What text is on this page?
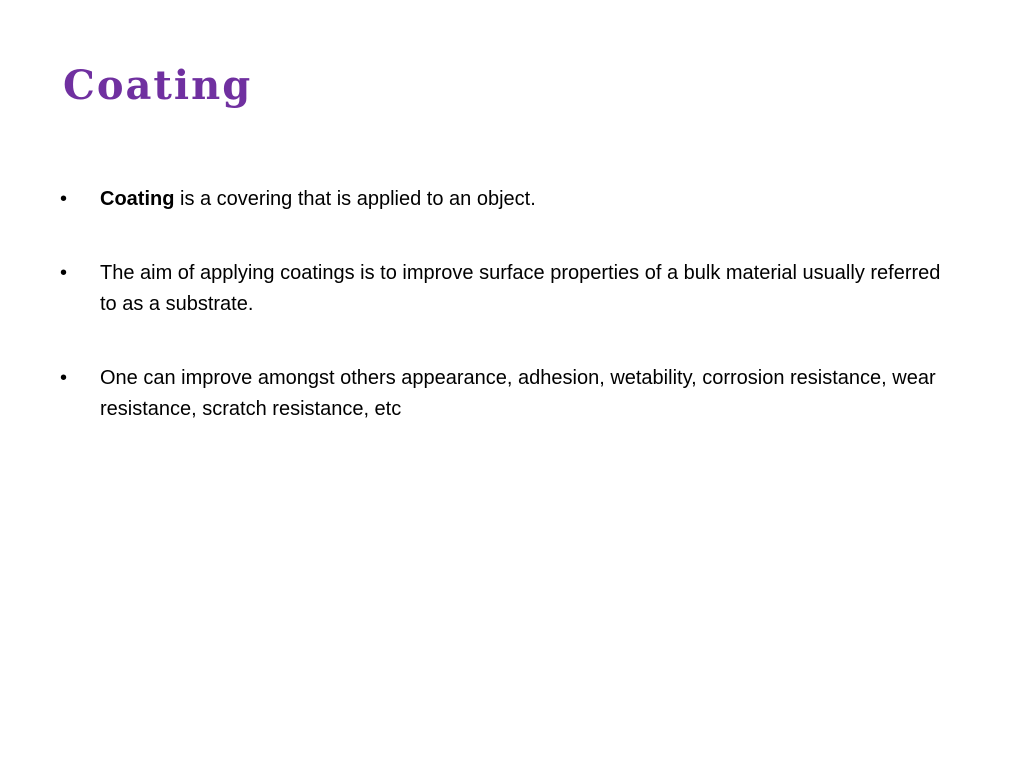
Coating
•	Coating is a covering that is applied to an object.
•	The aim of applying coatings is to improve surface properties of a bulk material usually referred to as a substrate.
•	One can improve amongst others appearance, adhesion, wetability, corrosion resistance, wear resistance, scratch resistance, etc
